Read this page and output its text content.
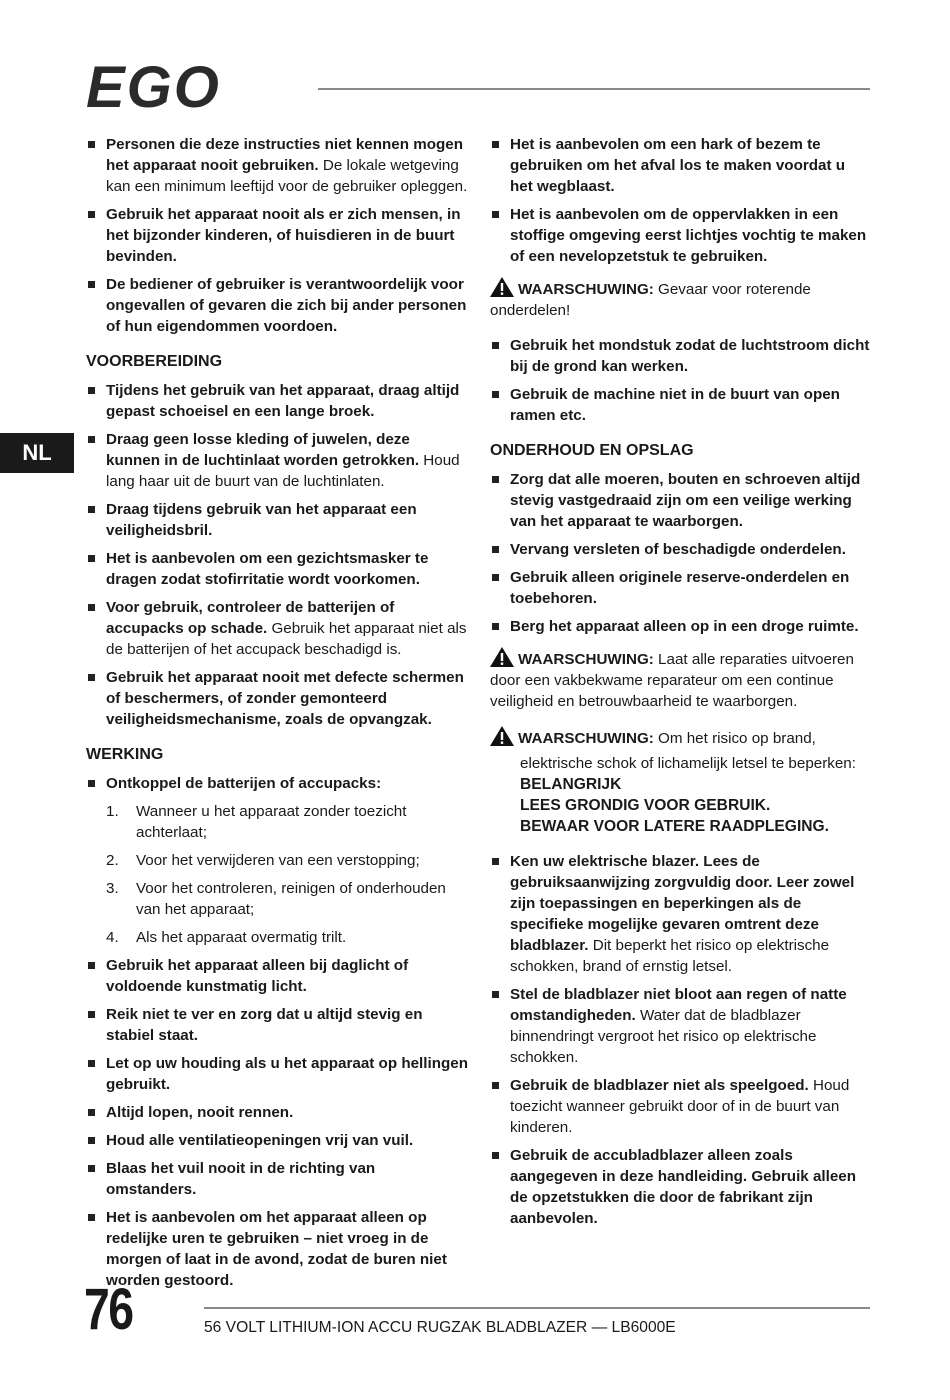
EGO
NL
Personen die deze instructies niet kennen mogen het apparaat nooit gebruiken. De lokale wetgeving kan een minimum leeftijd voor de gebruiker opleggen.
Gebruik het apparaat nooit als er zich mensen, in het bijzonder kinderen, of huisdieren in de buurt bevinden.
De bediener of gebruiker is verantwoordelijk voor ongevallen of gevaren die zich bij ander personen of hun eigendommen voordoen.
VOORBEREIDING
Tijdens het gebruik van het apparaat, draag altijd gepast schoeisel en een lange broek.
Draag geen losse kleding of juwelen, deze kunnen in de luchtinlaat worden getrokken. Houd lang haar uit de buurt van de luchtinlaten.
Draag tijdens gebruik van het apparaat een veiligheidsbril.
Het is aanbevolen om een gezichtsmasker te dragen zodat stofirritatie wordt voorkomen.
Voor gebruik, controleer de batterijen of accupacks op schade. Gebruik het apparaat niet als de batterijen of het accupack beschadigd is.
Gebruik het apparaat nooit met defecte schermen of beschermers, of zonder gemonteerd veiligheidsmechanisme, zoals de opvangzak.
WERKING
Ontkoppel de batterijen of accupacks:
1. Wanneer u het apparaat zonder toezicht achterlaat;
2. Voor het verwijderen van een verstopping;
3. Voor het controleren, reinigen of onderhouden van het apparaat;
4. Als het apparaat overmatig trilt.
Gebruik het apparaat alleen bij daglicht of voldoende kunstmatig licht.
Reik niet te ver en zorg dat u altijd stevig en stabiel staat.
Let op uw houding als u het apparaat op hellingen gebruikt.
Altijd lopen, nooit rennen.
Houd alle ventilatieopeningen vrij van vuil.
Blaas het vuil nooit in de richting van omstanders.
Het is aanbevolen om het apparaat alleen op redelijke uren te gebruiken – niet vroeg in de morgen of laat in de avond, zodat de buren niet worden gestoord.
Het is aanbevolen om een hark of bezem te gebruiken om het afval los te maken voordat u het wegblaast.
Het is aanbevolen om de oppervlakken in een stoffige omgeving eerst lichtjes vochtig te maken of een nevelopzetstuk te gebruiken.
WAARSCHUWING: Gevaar voor roterende onderdelen!
Gebruik het mondstuk zodat de luchtstroom dicht bij de grond kan werken.
Gebruik de machine niet in de buurt van open ramen etc.
ONDERHOUD EN OPSLAG
Zorg dat alle moeren, bouten en schroeven altijd stevig vastgedraaid zijn om een veilige werking van het apparaat te waarborgen.
Vervang versleten of beschadigde onderdelen.
Gebruik alleen originele reserve-onderdelen en toebehoren.
Berg het apparaat alleen op in een droge ruimte.
WAARSCHUWING: Laat alle reparaties uitvoeren door een vakbekwame reparateur om een continue veiligheid en betrouwbaarheid te waarborgen.
WAARSCHUWING: Om het risico op brand,
elektrische schok of lichamelijk letsel te beperken:
BELANGRIJK
LEES GRONDIG VOOR GEBRUIK.
BEWAAR VOOR LATERE RAADPLEGING.
Ken uw elektrische blazer. Lees de gebruiksaanwijzing zorgvuldig door. Leer zowel zijn toepassingen en beperkingen als de specifieke mogelijke gevaren omtrent deze bladblazer. Dit beperkt het risico op elektrische schokken, brand of ernstig letsel.
Stel de bladblazer niet bloot aan regen of natte omstandigheden. Water dat de bladblazer binnendringt vergroot het risico op elektrische schokken.
Gebruik de bladblazer niet als speelgoed. Houd toezicht wanneer gebruikt door of in de buurt van kinderen.
Gebruik de accubladblazer alleen zoals aangegeven in deze handleiding. Gebruik alleen de opzetstukken die door de fabrikant zijn aanbevolen.
76	56 VOLT LITHIUM-ION ACCU RUGZAK BLADBLAZER — LB6000E
